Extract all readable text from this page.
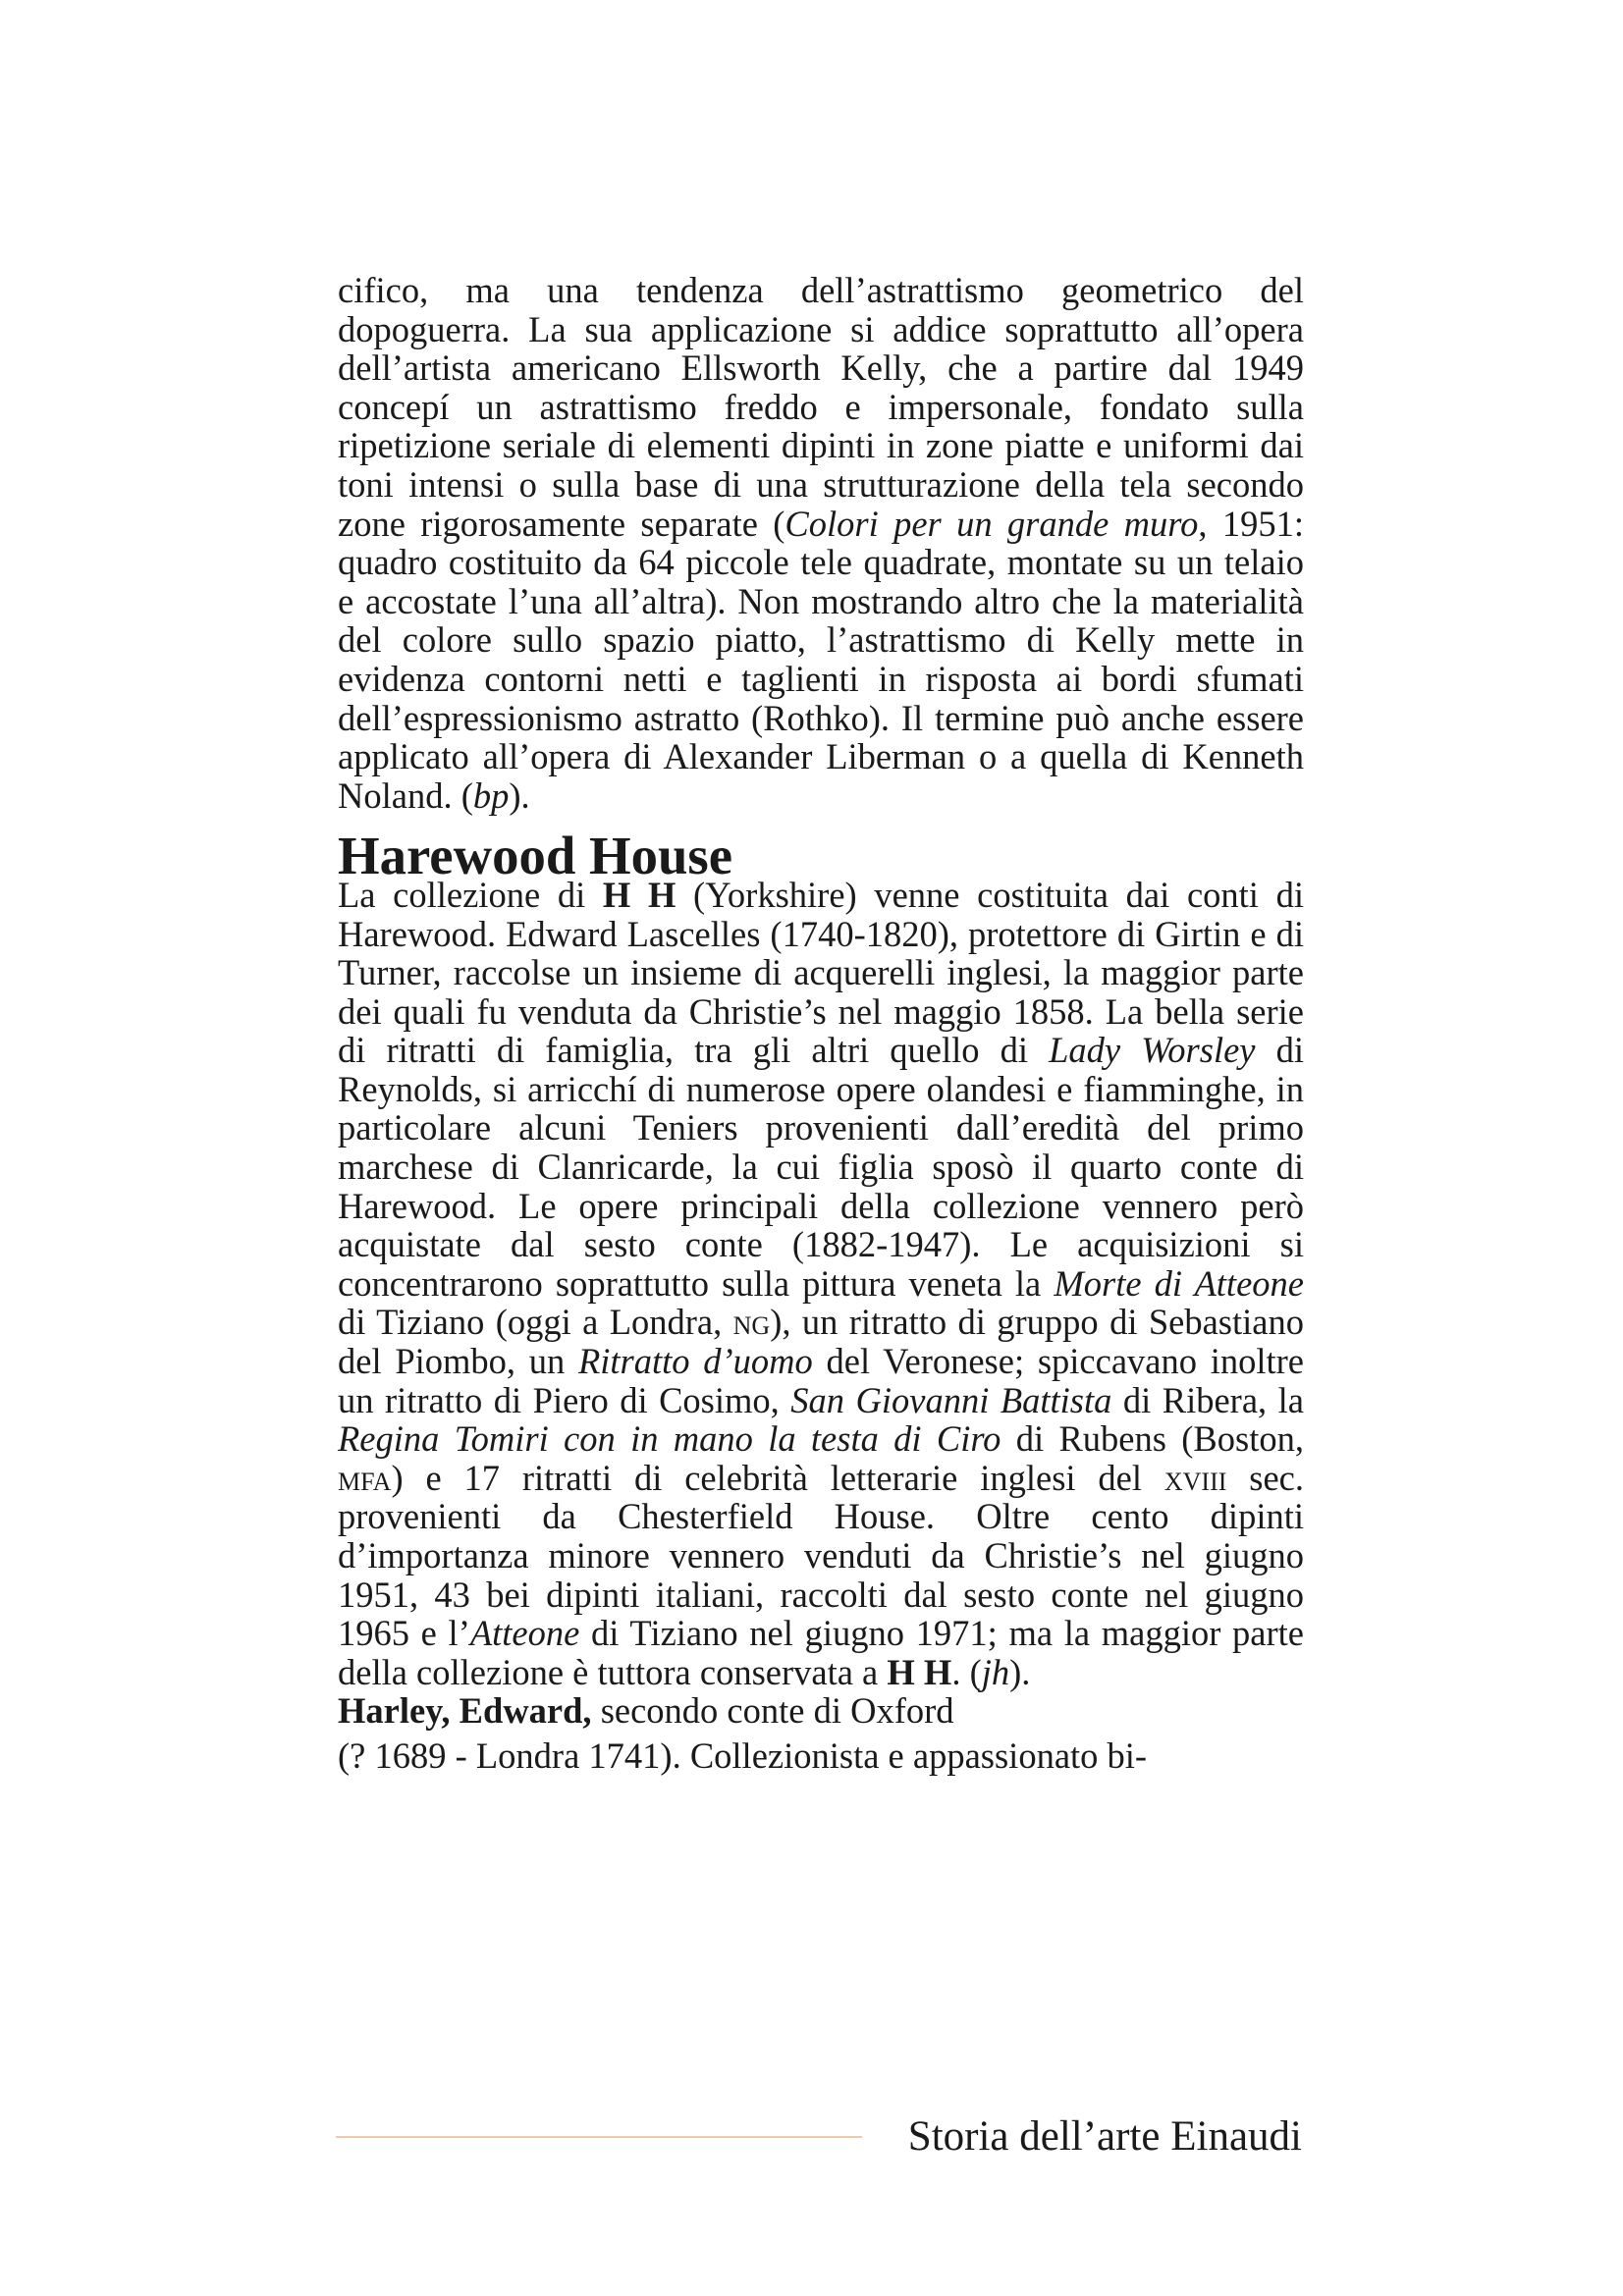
cifico, ma una tendenza dell’astrattismo geometrico del dopoguerra. La sua applicazione si addice soprattutto all’opera dell’artista americano Ellsworth Kelly, che a partire dal 1949 concepí un astrattismo freddo e impersonale, fondato sulla ripetizione seriale di elementi dipinti in zone piatte e uniformi dai toni intensi o sulla base di una strutturazione della tela secondo zone rigorosamente separate (Colori per un grande muro, 1951: quadro costituito da 64 piccole tele quadrate, montate su un telaio e accostate l’una all’altra). Non mostrando altro che la materialità del colore sullo spazio piatto, l’astrattismo di Kelly mette in evidenza contorni netti e taglienti in risposta ai bordi sfumati dell’espressionismo astratto (Rothko). Il termine può anche essere applicato all’opera di Alexander Liberman o a quella di Kenneth Noland. (bp).

Harewood House

La collezione di H H (Yorkshire) venne costituita dai conti di Harewood. Edward Lascelles (1740-1820), protettore di Girtin e di Turner, raccolse un insieme di acquerelli inglesi, la maggior parte dei quali fu venduta da Christie’s nel maggio 1858. La bella serie di ritratti di famiglia, tra gli altri quello di Lady Worsley di Reynolds, si arricchí di numerose opere olandesi e fiamminghe, in particolare alcuni Teniers provenienti dall’eredità del primo marchese di Clanricarde, la cui figlia sposò il quarto conte di Harewood. Le opere principali della collezione vennero però acquistate dal sesto conte (1882-1947). Le acquisizioni si concentrarono soprattutto sulla pittura veneta la Morte di Atteone di Tiziano (oggi a Londra, ng), un ritratto di gruppo di Sebastiano del Piombo, un Ritratto d’uomo del Veronese; spiccavano inoltre un ritratto di Piero di Cosimo, San Giovanni Battista di Ribera, la Regina Tomiri con in mano la testa di Ciro di Rubens (Boston, mfa) e 17 ritratti di celebrità letterarie inglesi del xviii sec. provenienti da Chesterfield House. Oltre cento dipinti d’importanza minore vennero venduti da Christie’s nel giugno 1951, 43 bei dipinti italiani, raccolti dal sesto conte nel giugno 1965 e l’Atteone di Tiziano nel giugno 1971; ma la maggior parte della collezione è tuttora conservata a H H. (jh).

Harley, Edward, secondo conte di Oxford

(? 1689 - Londra 1741). Collezionista e appassionato bi-

Storia dell’arte Einaudi
